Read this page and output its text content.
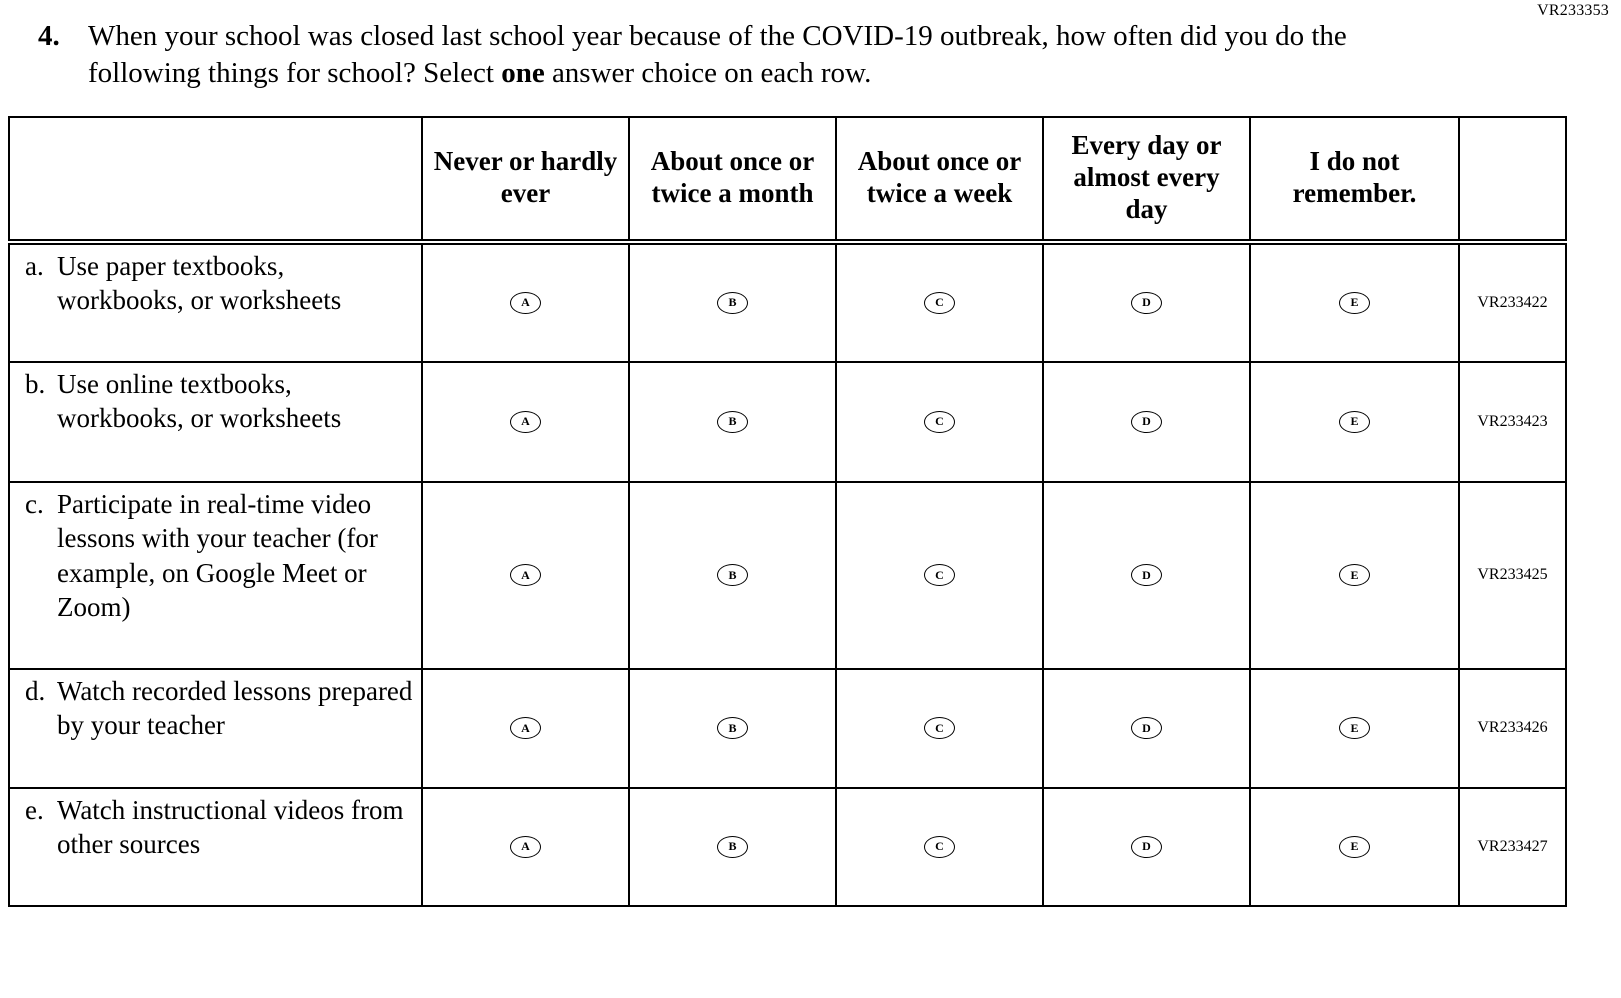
VR233353
4. When your school was closed last school year because of the COVID-19 outbreak, how often did you do the following things for school? Select one answer choice on each row.
	Never or hardly ever	About once or twice a month	About once or twice a week	Every day or almost every day	I do not remember.	

a. Use paper textbooks, workbooks, or worksheets	A	B	C	D	E	VR233422

b. Use online textbooks, workbooks, or worksheets	A	B	C	D	E	VR233423

c. Participate in real-time video lessons with your teacher (for example, on Google Meet or Zoom)	A	B	C	D	E	VR233425

d. Watch recorded lessons prepared by your teacher	A	B	C	D	E	VR233426

e. Watch instructional videos from other sources	A	B	C	D	E	VR233427
